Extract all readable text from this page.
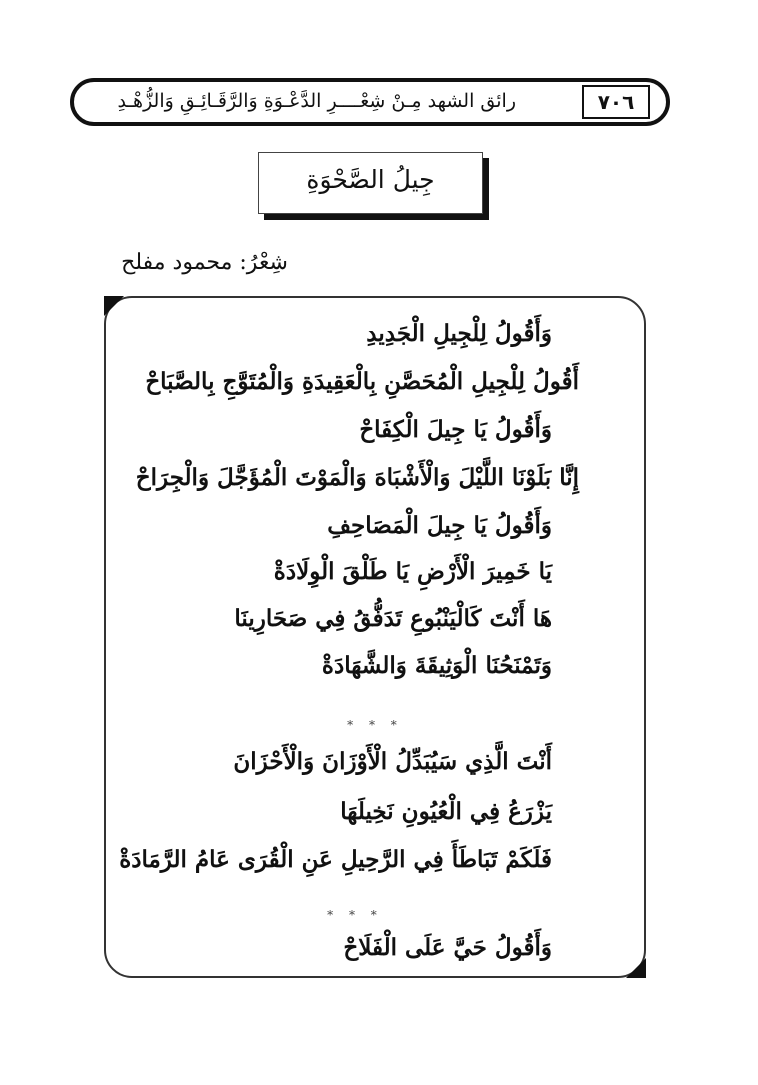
رائق الشهد مِـنْ شِعْــــرِ الدَّعْـوَةِ وَالرَّقَـائِـقِ وَالزُّهْـدِ	٧٠٦
جِيلُ الصَّحْوَةِ
شِعْرُ: محمود مفلح
وَأَقُولُ لِلْجِيلِ الْجَدِيدِ
أَقُولُ لِلْجِيلِ الْمُحَصَّنِ بِالْعَقِيدَةِ وَالْمُتَوَّجِ بِالصَّبَاحْ
وَأَقُولُ يَا جِيلَ الْكِفَاحْ
إِنَّا بَلَوْنَا اللَّيْلَ وَالْأَشْبَاهَ وَالْمَوْتَ الْمُؤَجَّلَ وَالْجِرَاحْ
وَأَقُولُ يَا جِيلَ الْمَصَاحِفِ
يَا خَمِيرَ الْأَرْضِ يَا طَلْقَ الْوِلَادَةْ
هَا أَنْتَ كَالْيَنْبُوعِ تَدَفُّقُ فِي صَحَارِينَا
وَتَمْنَحُنَا الْوَثِيقَةَ وَالشَّهَادَةْ
* * *
أَنْتَ الَّذِي سَيُبَدِّلُ الْأَوْزَانَ وَالْأَحْزَانَ
يَزْرَعُ فِي الْعُيُونِ نَخِيلَهَا
فَلَكَمْ تَبَاطَأَ فِي الرَّحِيلِ عَنِ الْقُرَى عَامُ الرَّمَادَةْ
* * *
وَأَقُولُ حَيَّ عَلَى الْفَلَاحْ
